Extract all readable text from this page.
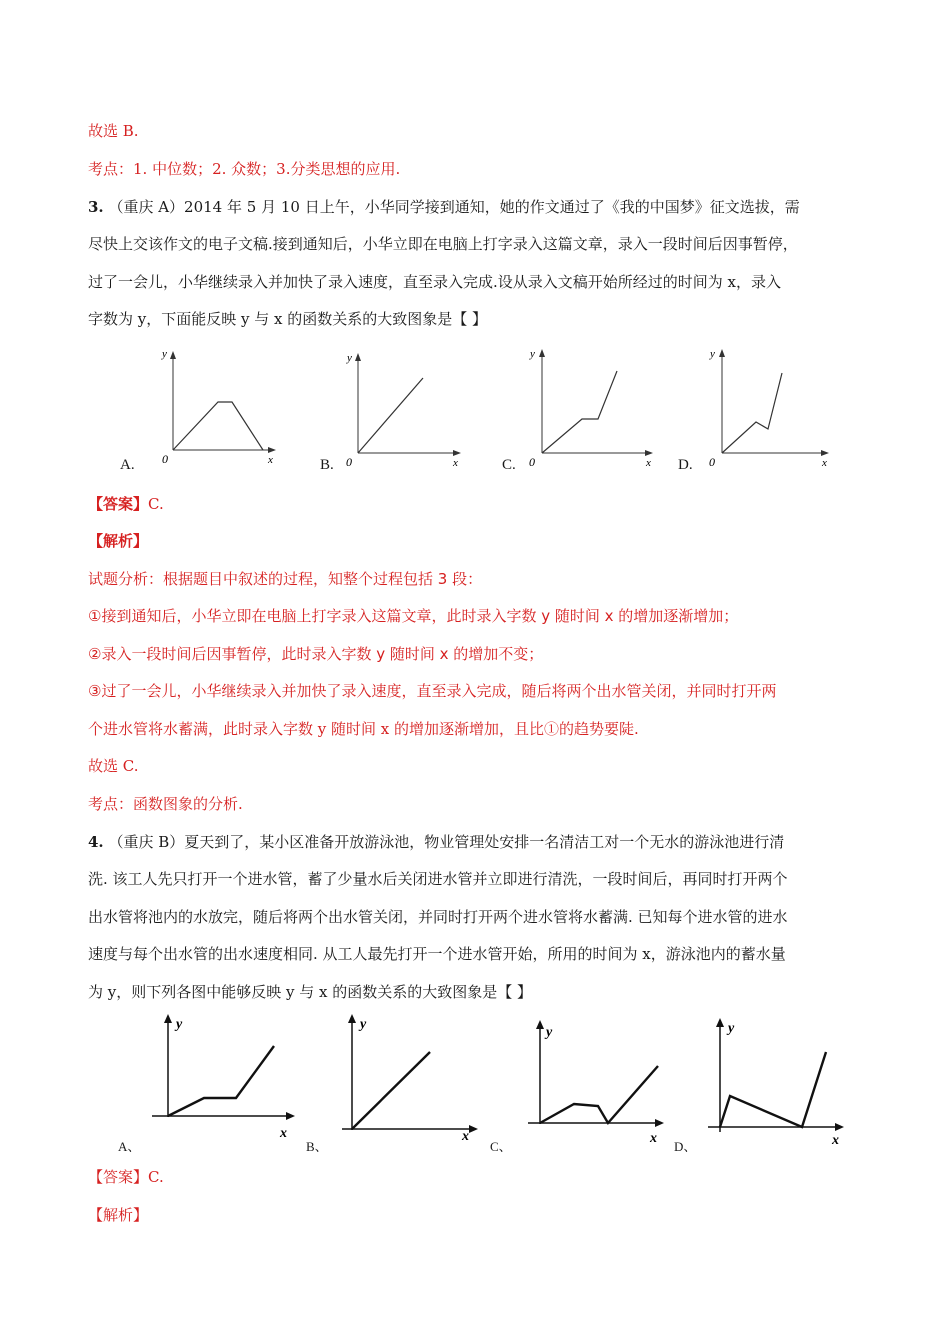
故选 B.
考点：1. 中位数；2. 众数；3.分类思想的应用.
3. （重庆 A）2014 年 5 月 10 日上午，小华同学接到通知，她的作文通过了《我的中国梦》征文选拔，需
尽快上交该作文的电子文稿.接到通知后，小华立即在电脑上打字录入这篇文章，录入一段时间后因事暂停，
过了一会儿，小华继续录入并加快了录入速度，直至录入完成.设从录入文稿开始所经过的时间为 x，录入
字数为 y，下面能反映 y 与 x 的函数关系的大致图象是【 】
y
x
0
A.
y
x
0
B.
y
x
0
C.
y
x
0
D.
【答案】C.
【解析】
试题分析：根据题目中叙述的过程，知整个过程包括 3 段：
①接到通知后，小华立即在电脑上打字录入这篇文章，此时录入字数 y 随时间 x 的增加逐渐增加；
②录入一段时间后因事暂停，此时录入字数 y 随时间 x 的增加不变；
③过了一会儿，小华继续录入并加快了录入速度，直至录入完成，随后将两个出水管关闭，并同时打开两
个进水管将水蓄满，此时录入字数 y 随时间 x 的增加逐渐增加，且比①的趋势要陡.
故选 C.
考点：函数图象的分析.
4. （重庆 B）夏天到了，某小区准备开放游泳池，物业管理处安排一名清洁工对一个无水的游泳池进行清
洗. 该工人先只打开一个进水管，蓄了少量水后关闭进水管并立即进行清洗，一段时间后，再同时打开两个
出水管将池内的水放完，随后将两个出水管关闭，并同时打开两个进水管将水蓄满. 已知每个进水管的进水
速度与每个出水管的出水速度相同. 从工人最先打开一个进水管开始，所用的时间为 x，游泳池内的蓄水量
为 y，则下列各图中能够反映 y 与 x 的函数关系的大致图象是【 】
y
x
A、
y
x
B、
y
x
C、
y
x
D、
【答案】C.
【解析】
